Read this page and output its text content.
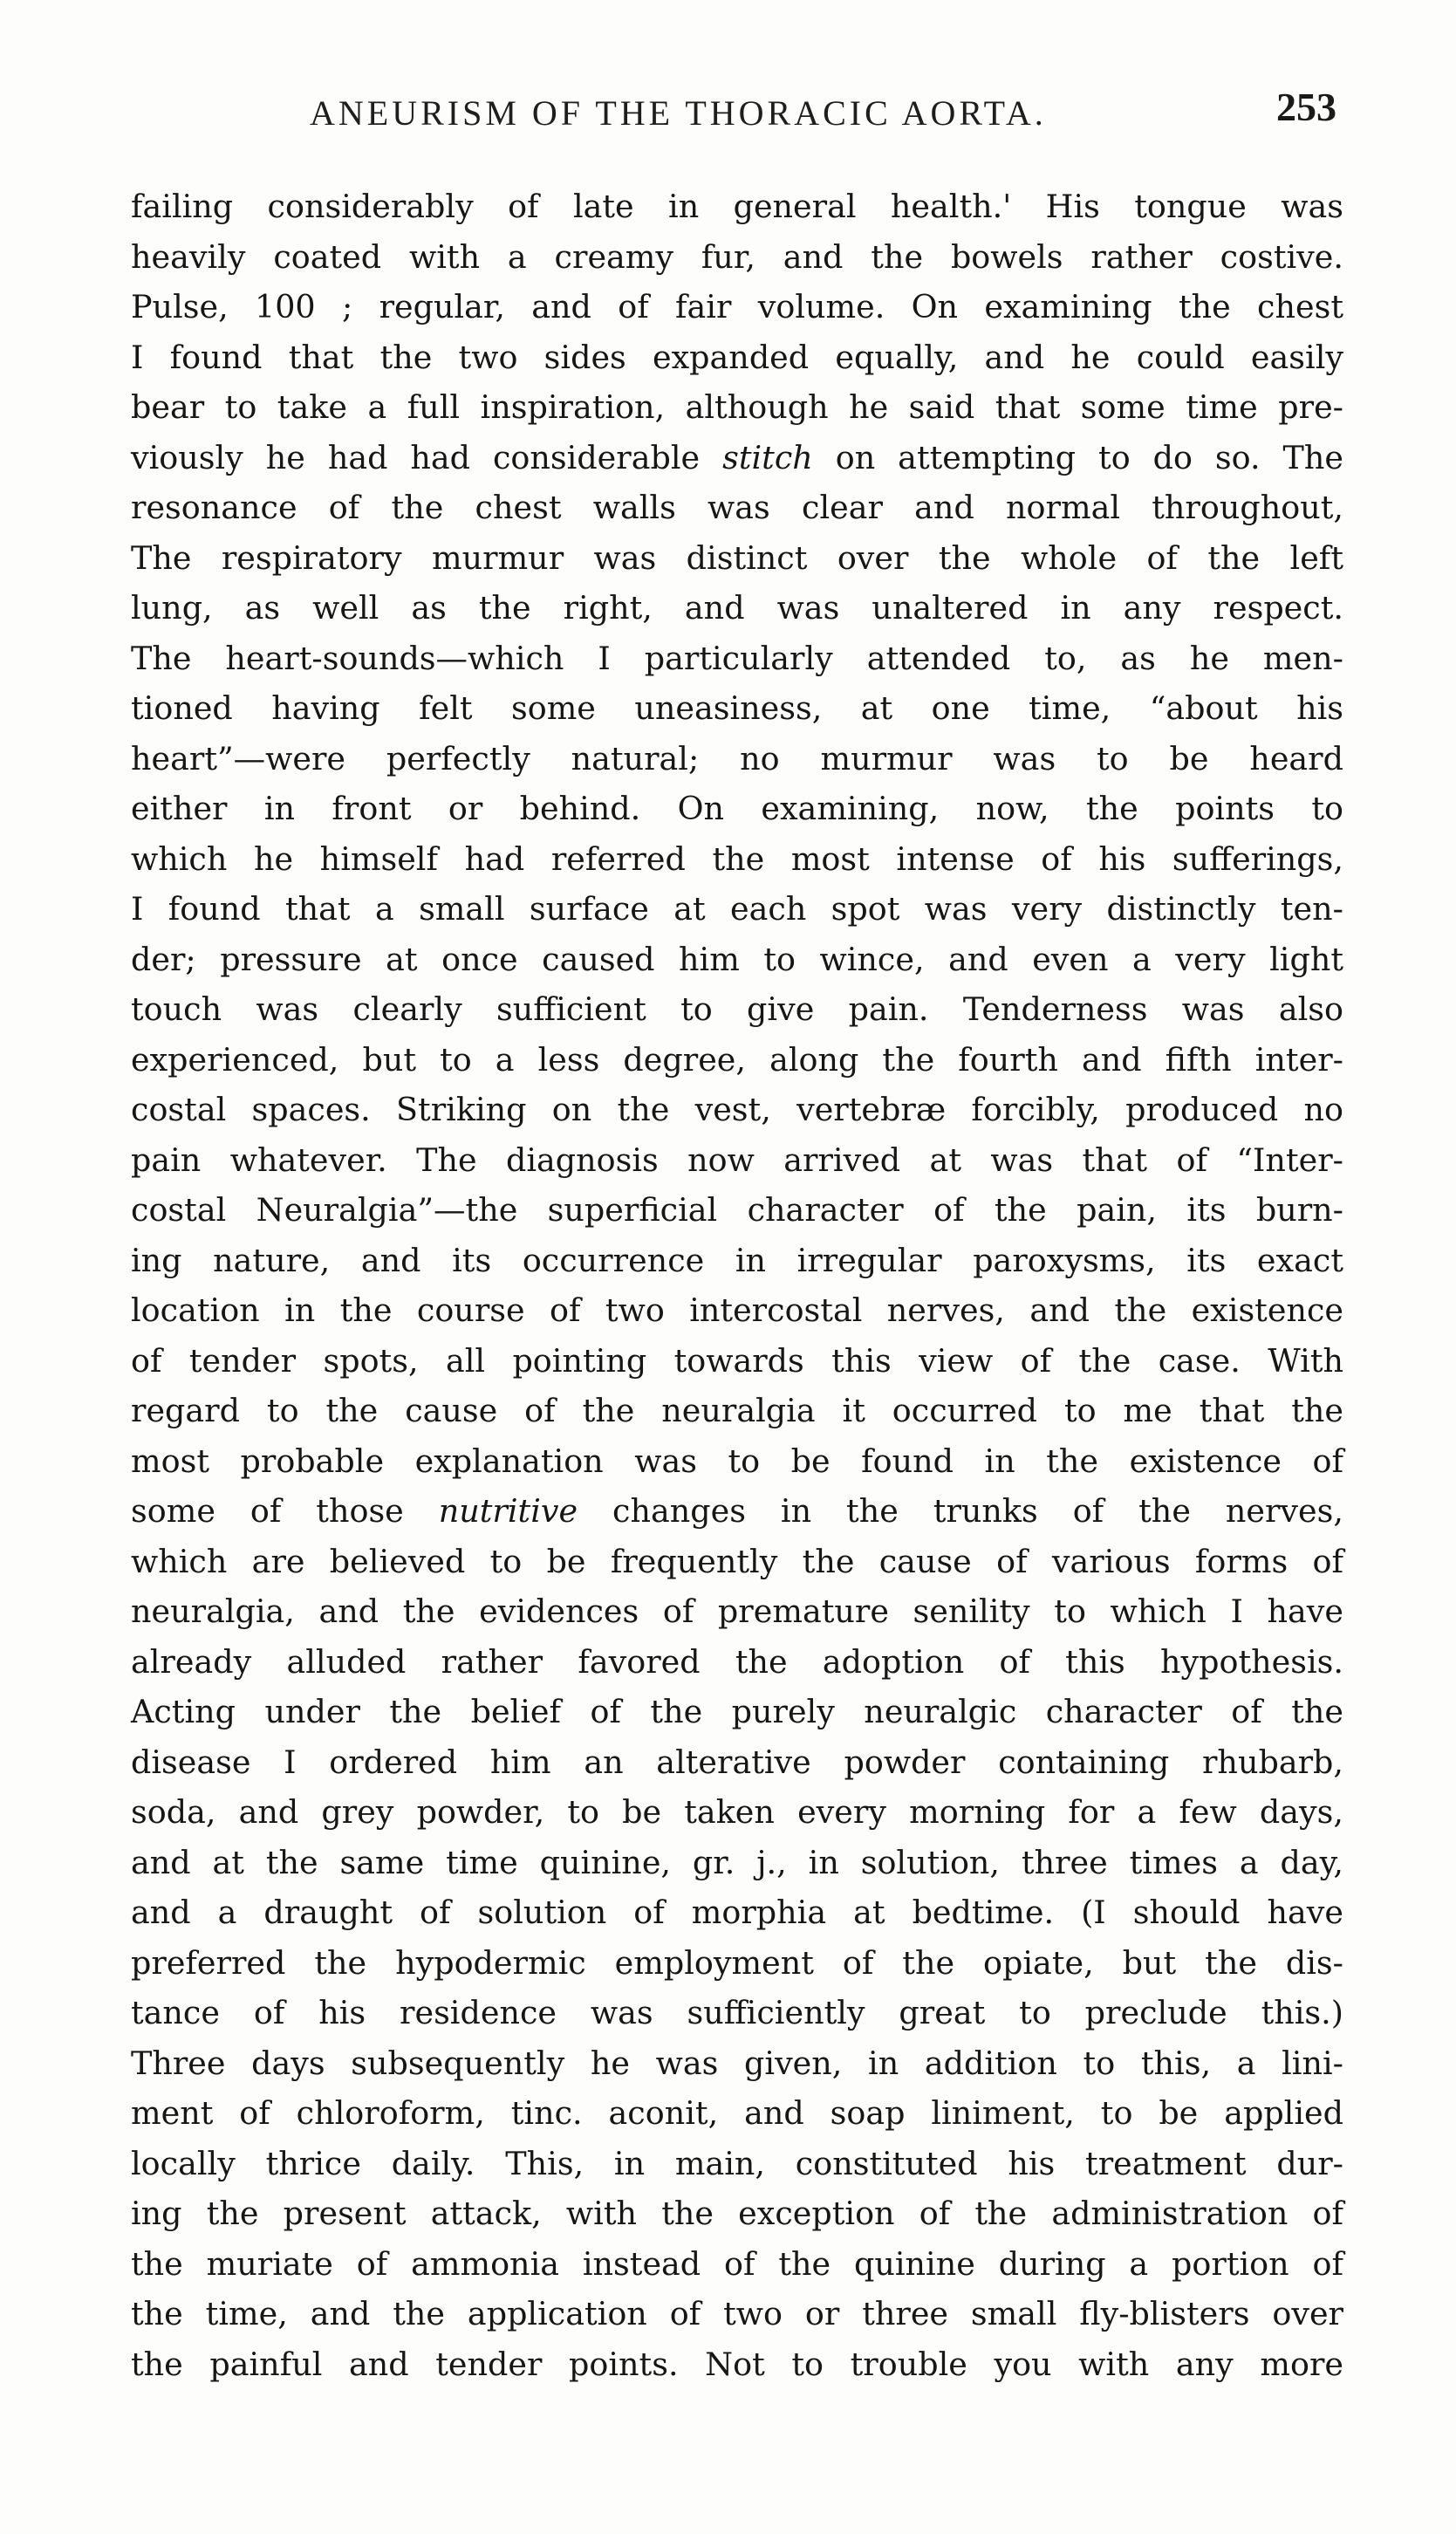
ANEURISM OF THE THORACIC AORTA.	253
failing considerably of late in general health.' His tongue was
heavily coated with a creamy fur, and the bowels rather costive.
Pulse, 100 ; regular, and of fair volume. On examining the chest
I found that the two sides expanded equally, and he could easily
bear to take a full inspiration, although he said that some time pre-
viously he had had considerable stitch on attempting to do so. The
resonance of the chest walls was clear and normal throughout,
The respiratory murmur was distinct over the whole of the left
lung, as well as the right, and was unaltered in any respect.
The heart-sounds—which I particularly attended to, as he men-
tioned having felt some uneasiness, at one time, “about his
heart”—were perfectly natural; no murmur was to be heard
either in front or behind. On examining, now, the points to
which he himself had referred the most intense of his sufferings,
I found that a small surface at each spot was very distinctly ten-
der; pressure at once caused him to wince, and even a very light
touch was clearly sufficient to give pain. Tenderness was also
experienced, but to a less degree, along the fourth and fifth inter-
costal spaces. Striking on the vest, vertebræ forcibly, produced no
pain whatever. The diagnosis now arrived at was that of “Inter-
costal Neuralgia”—the superficial character of the pain, its burn-
ing nature, and its occurrence in irregular paroxysms, its exact
location in the course of two intercostal nerves, and the existence
of tender spots, all pointing towards this view of the case. With
regard to the cause of the neuralgia it occurred to me that the
most probable explanation was to be found in the existence of
some of those nutritive changes in the trunks of the nerves,
which are believed to be frequently the cause of various forms of
neuralgia, and the evidences of premature senility to which I have
already alluded rather favored the adoption of this hypothesis.
Acting under the belief of the purely neuralgic character of the
disease I ordered him an alterative powder containing rhubarb,
soda, and grey powder, to be taken every morning for a few days,
and at the same time quinine, gr. j., in solution, three times a day,
and a draught of solution of morphia at bedtime. (I should have
preferred the hypodermic employment of the opiate, but the dis-
tance of his residence was sufficiently great to preclude this.)
Three days subsequently he was given, in addition to this, a lini-
ment of chloroform, tinc. aconit, and soap liniment, to be applied
locally thrice daily. This, in main, constituted his treatment dur-
ing the present attack, with the exception of the administration of
the muriate of ammonia instead of the quinine during a portion of
the time, and the application of two or three small fly-blisters over
the painful and tender points. Not to trouble you with any more
